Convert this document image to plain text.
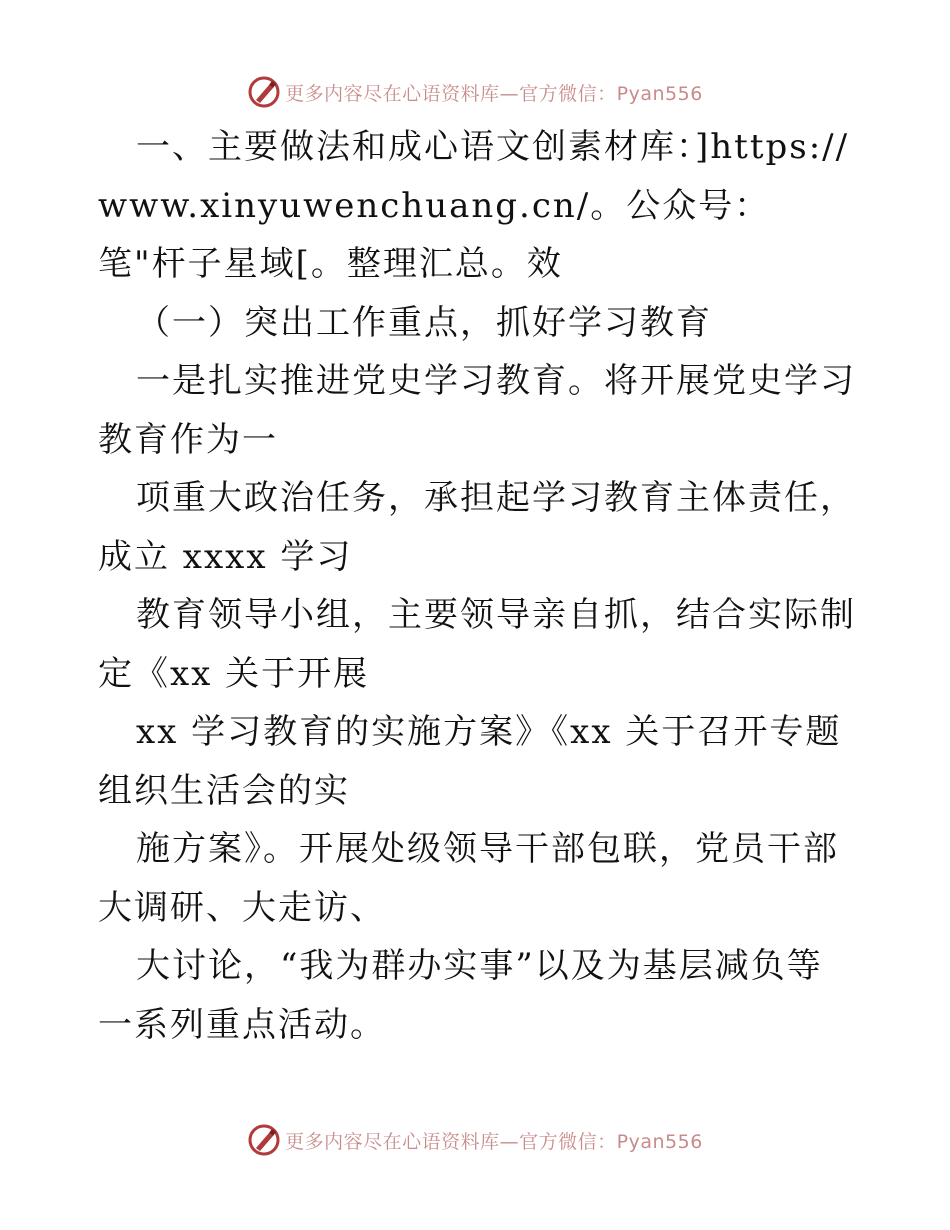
更多内容尽在心语资料库—官方微信：Pyan556

一、主要做法和成心语文创素材库：]https://www.xinyuwenchuang.cn/。公众号：笔"杆子星域[。整理汇总。效

（一）突出工作重点，抓好学习教育

一是扎实推进党史学习教育。将开展党史学习教育作为一

项重大政治任务，承担起学习教育主体责任，成立 xxxx 学习

教育领导小组，主要领导亲自抓，结合实际制定《xx 关于开展

xx 学习教育的实施方案》《xx 关于召开专题组织生活会的实

施方案》。开展处级领导干部包联，党员干部大调研、大走访、

大讨论，“我为群办实事”以及为基层减负等一系列重点活动。

更多内容尽在心语资料库—官方微信：Pyan556
